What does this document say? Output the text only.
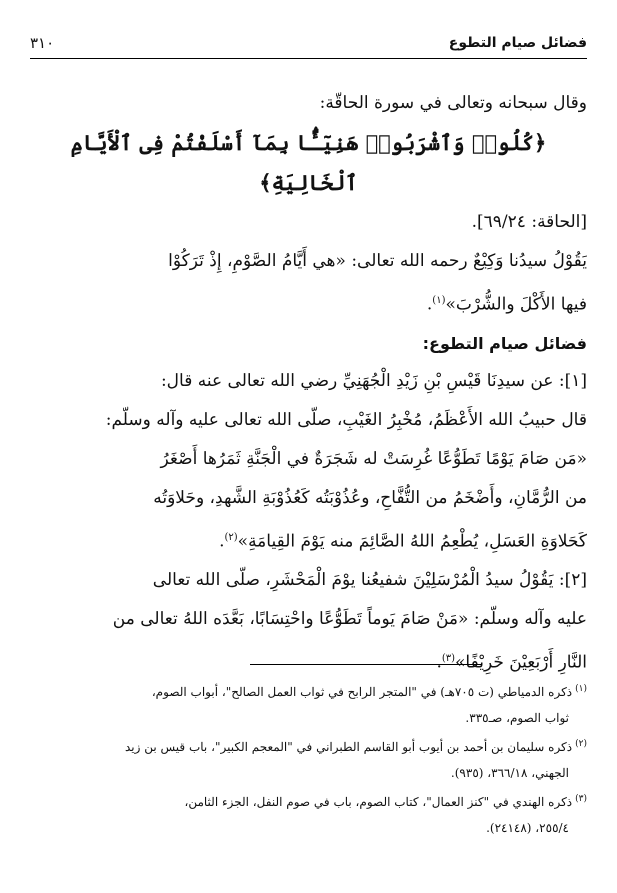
فضائل صيام التطوع
٣١٠
وقال سبحانه وتعالى في سورة الحاقّة:
﴿كُلُوا۟ وَٱشْرَبُوا۟ هَنِيٓـًٔۢا بِمَآ أَسْلَفْتُمْ فِى ٱلْأَيَّامِ ٱلْخَالِيَةِ﴾
[الحاقة: ٦٩/٢٤].
يَقُوْلُ سيدُنا وَكِيْعٌ رحمه الله تعالى: «هي أَيَّامُ الصَّوْمِ، إِذْ تَرَكُوْا
فيها الأَكْلَ والشُّرْبَ»$^{(١)}$.
فضائل صيام التطوع:
[١]: عن سيدِنَا قَيْسِ بْنِ زَيْدِ الْجُهَنِيِّ رضي الله تعالى عنه قال:
قال حبيبُ الله الأَعْظَمُ، مُخْبِرُ الغَيْبِ، صلّى الله تعالى عليه وآله وسلّم:
«مَن صَامَ يَوْمًا تَطَوُّعًا غُرِسَتْ له شَجَرَةٌ في الْجَنَّةِ ثَمَرُها أَصْغَرُ
من الرُّمَّانِ، وأَضْخَمُ من التُّفَّاحِ، وعُذُوْبَتُه كَعُذُوْبَةِ الشَّهدِ، وحَلاوَتُه
كَحَلاوَةِ العَسَلِ، يُطْعِمُ اللهُ الصَّائِمَ منه يَوْمَ القِيامَةِ»$^{(٢)}$.
[٢]: يَقُوْلُ سيدُ الْمُرْسَلِيْنَ شفيعُنا يوْمَ الْمَحْشَرِ، صلّى الله تعالى
عليه وآله وسلّم: «مَنْ صَامَ يَوماً تَطَوُّعًا واحْتِسَابًا، بَعَّدَه اللهُ تعالى من
النَّارِ أَرْبَعِيْنَ خَرِيْفًا»$^{(٣)}$.
$^{(١)}$ذكره الدمياطي (ت ٧٠٥هـ) في "المتجر الرابح في ثواب العمل الصالح"، أبواب الصوم،
ثواب الصوم، صـ٣٣٥.
$^{(٢)}$ذكره سليمان بن أحمد بن أيوب أبو القاسم الطبراني في "المعجم الكبير"، باب قيس بن زيد
الجهني، ٣٦٦/١٨، (٩٣٥).
$^{(٣)}$ذكره الهندي في "كنز العمال"، كتاب الصوم، باب في صوم النفل، الجزء الثامن،
٢٥٥/٤، (٢٤١٤٨).
